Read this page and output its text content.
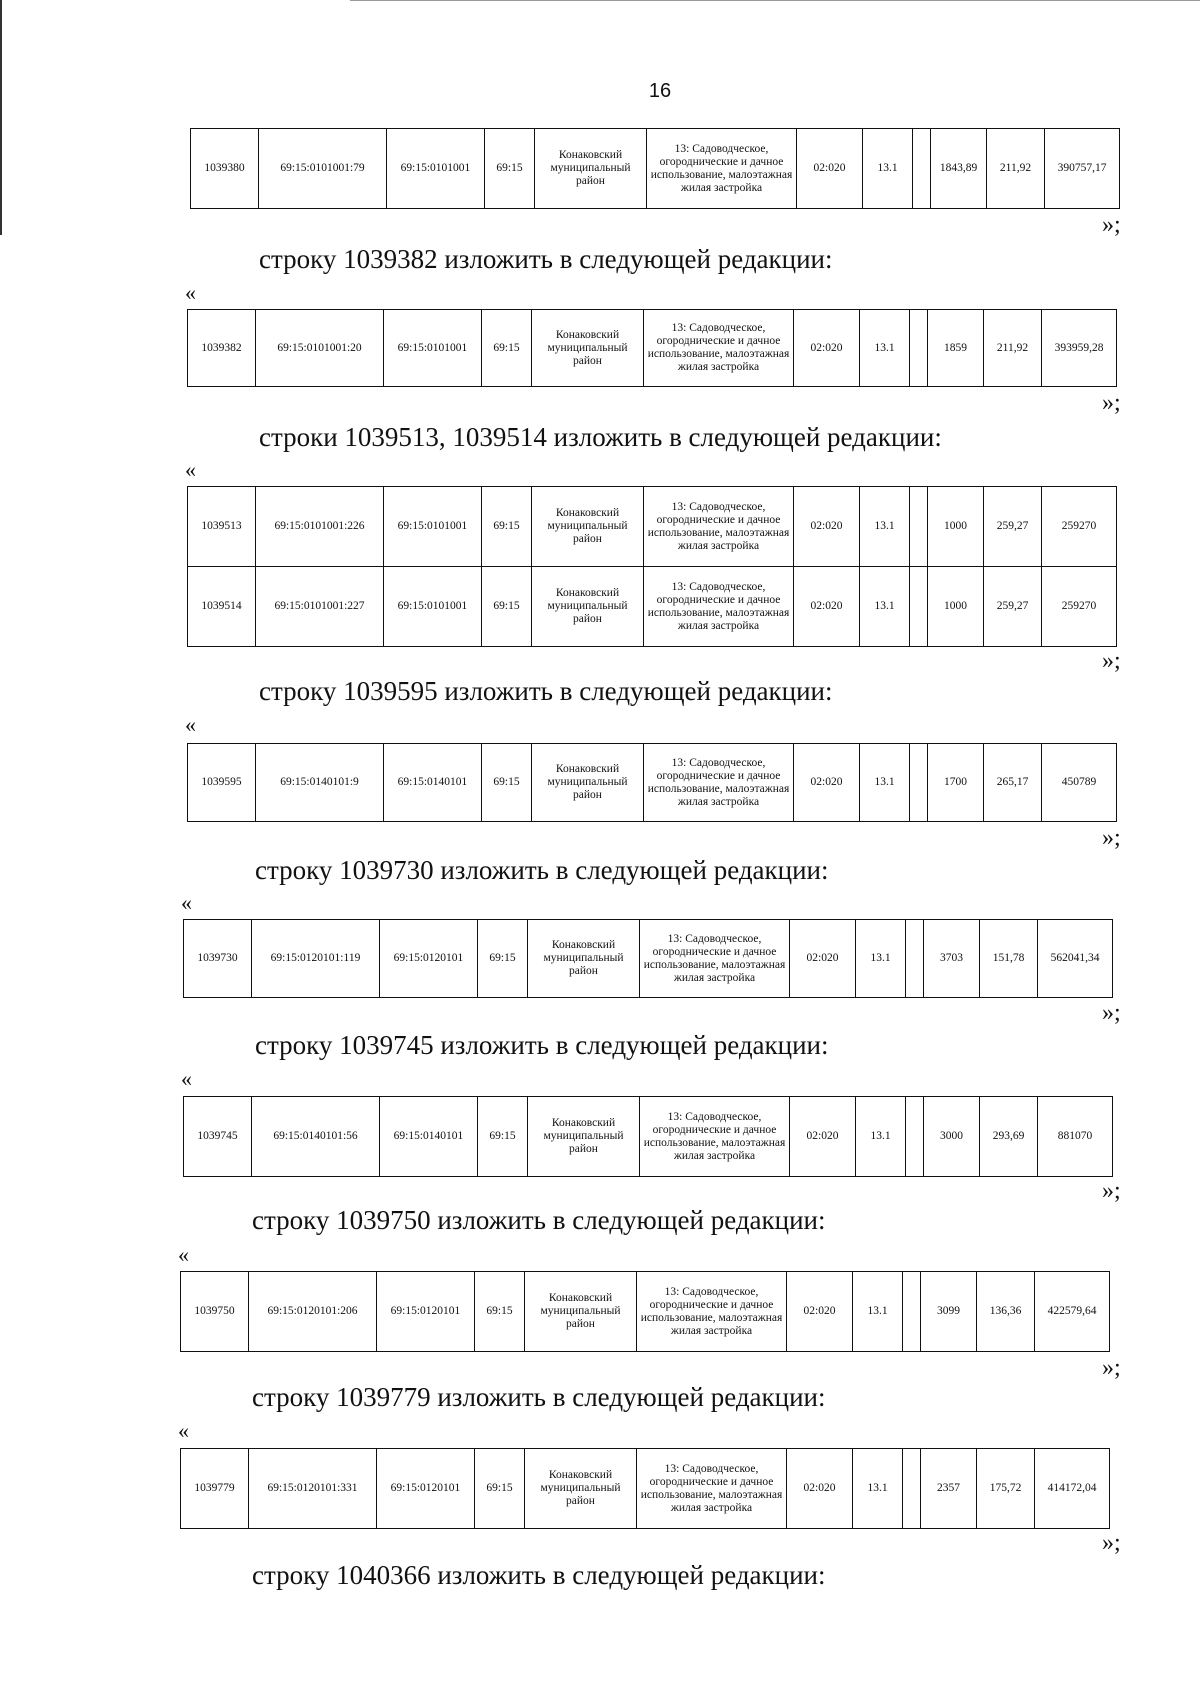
16
1039380	69:15:0101001:79	69:15:0101001	69:15	Конаковский муниципальный район	13: Садоводческое, огороднические и дачное использование, малоэтажная жилая застройка	02:020	13.1		1843,89	211,92	390757,17
»;
строку 1039382 изложить в следующей редакции:
«
1039382	69:15:0101001:20	69:15:0101001	69:15	Конаковский муниципальный район	13: Садоводческое, огороднические и дачное использование, малоэтажная жилая застройка	02:020	13.1		1859	211,92	393959,28
»;
строки 1039513, 1039514 изложить в следующей редакции:
«
1039513	69:15:0101001:226	69:15:0101001	69:15	Конаковский муниципальный район	13: Садоводческое, огороднические и дачное использование, малоэтажная жилая застройка	02:020	13.1		1000	259,27	259270
1039514	69:15:0101001:227	69:15:0101001	69:15	Конаковский муниципальный район	13: Садоводческое, огороднические и дачное использование, малоэтажная жилая застройка	02:020	13.1		1000	259,27	259270
»;
строку 1039595 изложить в следующей редакции:
«
1039595	69:15:0140101:9	69:15:0140101	69:15	Конаковский муниципальный район	13: Садоводческое, огороднические и дачное использование, малоэтажная жилая застройка	02:020	13.1		1700	265,17	450789
»;
строку 1039730 изложить в следующей редакции:
«
1039730	69:15:0120101:119	69:15:0120101	69:15	Конаковский муниципальный район	13: Садоводческое, огороднические и дачное использование, малоэтажная жилая застройка	02:020	13.1		3703	151,78	562041,34
»;
строку 1039745 изложить в следующей редакции:
«
1039745	69:15:0140101:56	69:15:0140101	69:15	Конаковский муниципальный район	13: Садоводческое, огороднические и дачное использование, малоэтажная жилая застройка	02:020	13.1		3000	293,69	881070
»;
строку 1039750 изложить в следующей редакции:
«
1039750	69:15:0120101:206	69:15:0120101	69:15	Конаковский муниципальный район	13: Садоводческое, огороднические и дачное использование, малоэтажная жилая застройка	02:020	13.1		3099	136,36	422579,64
»;
строку 1039779 изложить в следующей редакции:
«
1039779	69:15:0120101:331	69:15:0120101	69:15	Конаковский муниципальный район	13: Садоводческое, огороднические и дачное использование, малоэтажная жилая застройка	02:020	13.1		2357	175,72	414172,04
»;
строку 1040366 изложить в следующей редакции:
